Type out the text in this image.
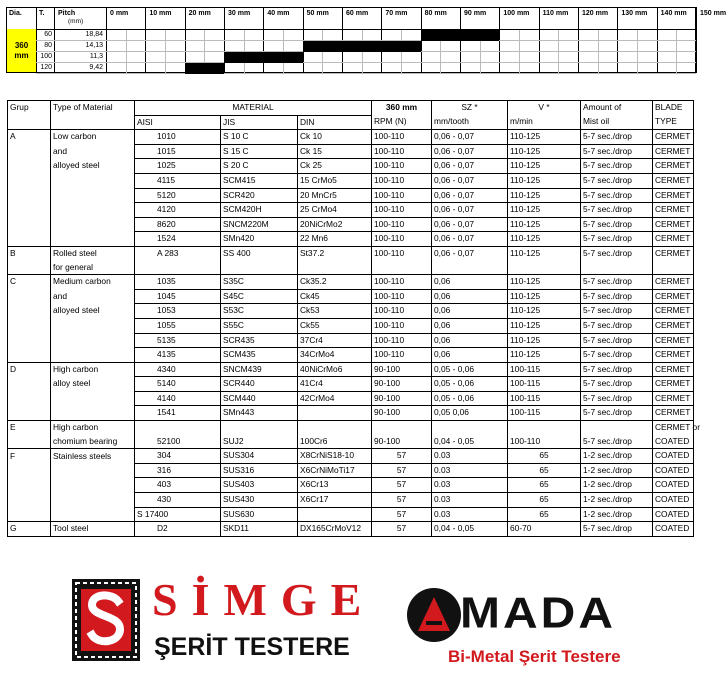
Dia. T. Pitch
(mm)
0 mm	10 mm 20 mm 30 mm 40 mm 50 mm 60 mm 70 mm 80 mm 90 mm 100 mm 110 mm 120 mm 130 mm 140 mm 150 mm
360
mm
60	18,84
80	14,13
100	11,3
120	9,42
Grup	Type of Material	MATERIAL			360 mm	SZ *	V *	Amount of	BLADE
		AISI	JIS	DIN	RPM (N)	mm/tooth	m/min	Mist oil	TYPE
A	Low carbon	1010	S 10 C	Ck 10	100-110	0,06 - 0,07	110-125	5-7 sec./drop	CERMET
	and	1015	S 15 C	Ck 15	100-110	0,06 - 0,07	110-125	5-7 sec./drop	CERMET
	alloyed steel	1025	S 20 C	Ck 25	100-110	0,06 - 0,07	110-125	5-7 sec./drop	CERMET
		4115	SCM415	15 CrMo5	100-110	0,06 - 0,07	110-125	5-7 sec./drop	CERMET
		5120	SCR420	20 MnCr5	100-110	0,06 - 0,07	110-125	5-7 sec./drop	CERMET
		4120	SCM420H	25 CrMo4	100-110	0,06 - 0,07	110-125	5-7 sec./drop	CERMET
		8620	SNCM220M	20NiCrMo2	100-110	0,06 - 0,07	110-125	5-7 sec./drop	CERMET
		1524	SMn420	22 Mn6	100-110	0,06 - 0,07	110-125	5-7 sec./drop	CERMET
B	Rolled steel	A 283	SS 400	St37.2	100-110	0,06 - 0,07	110-125	5-7 sec./drop	CERMET
	for general								
C	Medium carbon	1035	S35C	Ck35.2	100-110	0,06	110-125	5-7 sec./drop	CERMET
	and	1045	S45C	Ck45	100-110	0,06	110-125	5-7 sec./drop	CERMET
	alloyed steel	1053	S53C	Ck53	100-110	0,06	110-125	5-7 sec./drop	CERMET
		1055	S55C	Ck55	100-110	0,06	110-125	5-7 sec./drop	CERMET
		5135	SCR435	37Cr4	100-110	0,06	110-125	5-7 sec./drop	CERMET
		4135	SCM435	34CrMo4	100-110	0,06	110-125	5-7 sec./drop	CERMET
D	High carbon	4340	SNCM439	40NiCrMo6	90-100	0,05 - 0,06	100-115	5-7 sec./drop	CERMET
	alloy steel	5140	SCR440	41Cr4	90-100	0,05 - 0,06	100-115	5-7 sec./drop	CERMET
		4140	SCM440	42CrMo4	90-100	0,05 - 0,06	100-115	5-7 sec./drop	CERMET
		1541	SMn443		90-100	0,05 0,06	100-115	5-7 sec./drop	CERMET
E	High carbon								CERMET or
	chomium bearing	52100	SUJ2	100Cr6	90-100	0,04 - 0,05	100-110	5-7 sec./drop	COATED
F	Stainless steels	304	SUS304	X8CrNiS18-10	57	0.03	65	1-2 sec./drop	COATED
		316	SUS316	X6CrNiMoTi17	57	0.03	65	1-2 sec./drop	COATED
		403	SUS403	X6Cr13	57	0.03	65	1-2 sec./drop	COATED
		430	SUS430	X6Cr17	57	0.03	65	1-2 sec./drop	COATED
		S 17400	SUS630		57	0.03	65	1-2 sec./drop	COATED
G	Tool steel	D2	SKD11	DX165CrMoV12	57	0,04 - 0,05	60-70	5-7 sec./drop	COATED
SİMGE
ŞERİT TESTERE
MADA
Bi-Metal Şerit Testere
